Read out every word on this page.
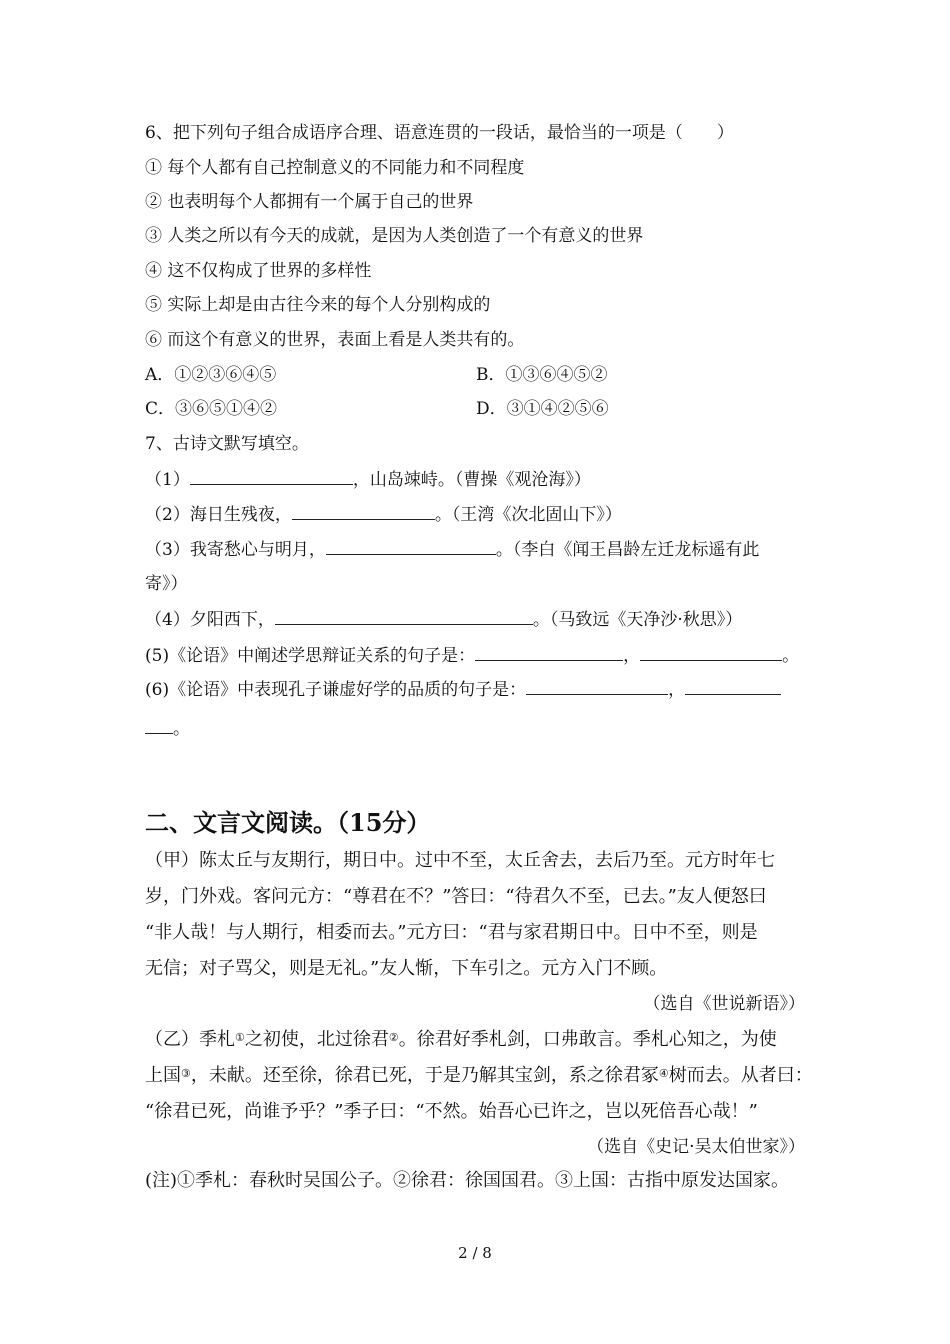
6、把下列句子组合成语序合理、语意连贯的一段话，最恰当的一项是（　　）
① 每个人都有自己控制意义的不同能力和不同程度
② 也表明每个人都拥有一个属于自己的世界
③ 人类之所以有今天的成就，是因为人类创造了一个有意义的世界
④ 这不仅构成了世界的多样性
⑤ 实际上却是由古往今来的每个人分别构成的
⑥ 而这个有意义的世界，表面上看是人类共有的。
A．①②③⑥④⑤	B．①③⑥④⑤②
C．③⑥⑤①④②	D．③①④②⑤⑥
7、古诗文默写填空。
（1）	，山岛竦峙。（曹操《观沧海》）
（2）海日生残夜，	。（王湾《次北固山下》）
（3）我寄愁心与明月，	。（李白《闻王昌龄左迁龙标遥有此
寄》）
（4）夕阳西下，	。（马致远《天净沙·秋思》）
(5)《论语》中阐述学思辩证关系的句子是：	，	。
(6)《论语》中表现孔子谦虚好学的品质的句子是：	，
。
二、文言文阅读。（15分）
（甲）陈太丘与友期行，期日中。过中不至，太丘舍去，去后乃至。元方时年七
岁，门外戏。客问元方：“尊君在不？”答曰：“待君久不至，已去。”友人便怒曰
“非人哉！与人期行，相委而去。”元方曰：“君与家君期日中。日中不至，则是
无信；对子骂父，则是无礼。”友人惭，下车引之。元方入门不顾。
（选自《世说新语》）
（乙）季札①之初使，北过徐君②。徐君好季札剑，口弗敢言。季札心知之，为使
上国③，未献。还至徐，徐君已死，于是乃解其宝剑，系之徐君冢④树而去。从者曰：
“徐君已死，尚谁予乎？”季子曰：“不然。始吾心已许之，岂以死倍吾心哉！”
（选自《史记·吴太伯世家》）
(注)①季札：春秋时吴国公子。②徐君：徐国国君。③上国：古指中原发达国家。
2 / 8
